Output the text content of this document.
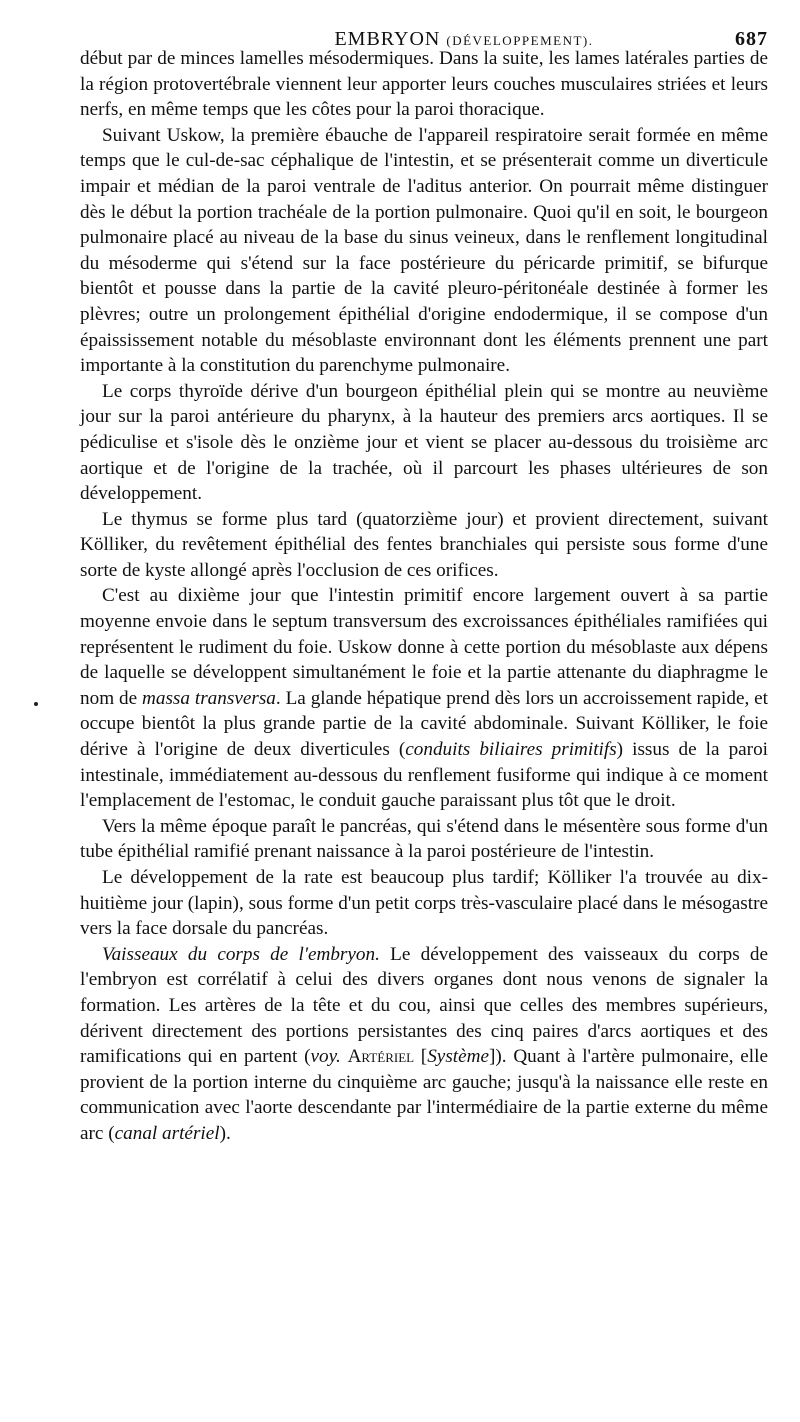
EMBRYON (DÉVELOPPEMENT).	687

début par de minces lamelles mésodermiques. Dans la suite, les lames latérales parties de la région protovertébrale viennent leur apporter leurs couches musculaires striées et leurs nerfs, en même temps que les côtes pour la paroi thoracique.

Suivant Uskow, la première ébauche de l'appareil respiratoire serait formée en même temps que le cul-de-sac céphalique de l'intestin, et se présenterait comme un diverticule impair et médian de la paroi ventrale de l'aditus anterior. On pourrait même distinguer dès le début la portion trachéale de la portion pulmonaire. Quoi qu'il en soit, le bourgeon pulmonaire placé au niveau de la base du sinus veineux, dans le renflement longitudinal du mésoderme qui s'étend sur la face postérieure du péricarde primitif, se bifurque bientôt et pousse dans la partie de la cavité pleuro-péritonéale destinée à former les plèvres; outre un prolongement épithélial d'origine endodermique, il se compose d'un épaississement notable du mésoblaste environnant dont les éléments prennent une part importante à la constitution du parenchyme pulmonaire.

Le corps thyroïde dérive d'un bourgeon épithélial plein qui se montre au neuvième jour sur la paroi antérieure du pharynx, à la hauteur des premiers arcs aortiques. Il se pédiculise et s'isole dès le onzième jour et vient se placer au-dessous du troisième arc aortique et de l'origine de la trachée, où il parcourt les phases ultérieures de son développement.

Le thymus se forme plus tard (quatorzième jour) et provient directement, suivant Kölliker, du revêtement épithélial des fentes branchiales qui persiste sous forme d'une sorte de kyste allongé après l'occlusion de ces orifices.

C'est au dixième jour que l'intestin primitif encore largement ouvert à sa partie moyenne envoie dans le septum transversum des excroissances épithéliales ramifiées qui représentent le rudiment du foie. Uskow donne à cette portion du mésoblaste aux dépens de laquelle se développent simultanément le foie et la partie attenante du diaphragme le nom de massa transversa. La glande hépatique prend dès lors un accroissement rapide, et occupe bientôt la plus grande partie de la cavité abdominale. Suivant Kölliker, le foie dérive à l'origine de deux diverticules (conduits biliaires primitifs) issus de la paroi intestinale, immédiatement au-dessous du renflement fusiforme qui indique à ce moment l'emplacement de l'estomac, le conduit gauche paraissant plus tôt que le droit.

Vers la même époque paraît le pancréas, qui s'étend dans le mésentère sous forme d'un tube épithélial ramifié prenant naissance à la paroi postérieure de l'intestin.

Le développement de la rate est beaucoup plus tardif; Kölliker l'a trouvée au dix-huitième jour (lapin), sous forme d'un petit corps très-vasculaire placé dans le mésogastre vers la face dorsale du pancréas.

Vaisseaux du corps de l'embryon. Le développement des vaisseaux du corps de l'embryon est corrélatif à celui des divers organes dont nous venons de signaler la formation. Les artères de la tête et du cou, ainsi que celles des membres supérieurs, dérivent directement des portions persistantes des cinq paires d'arcs aortiques et des ramifications qui en partent (voy. Artériel [Système]). Quant à l'artère pulmonaire, elle provient de la portion interne du cinquième arc gauche; jusqu'à la naissance elle reste en communication avec l'aorte descendante par l'intermédiaire de la partie externe du même arc (canal artériel).
